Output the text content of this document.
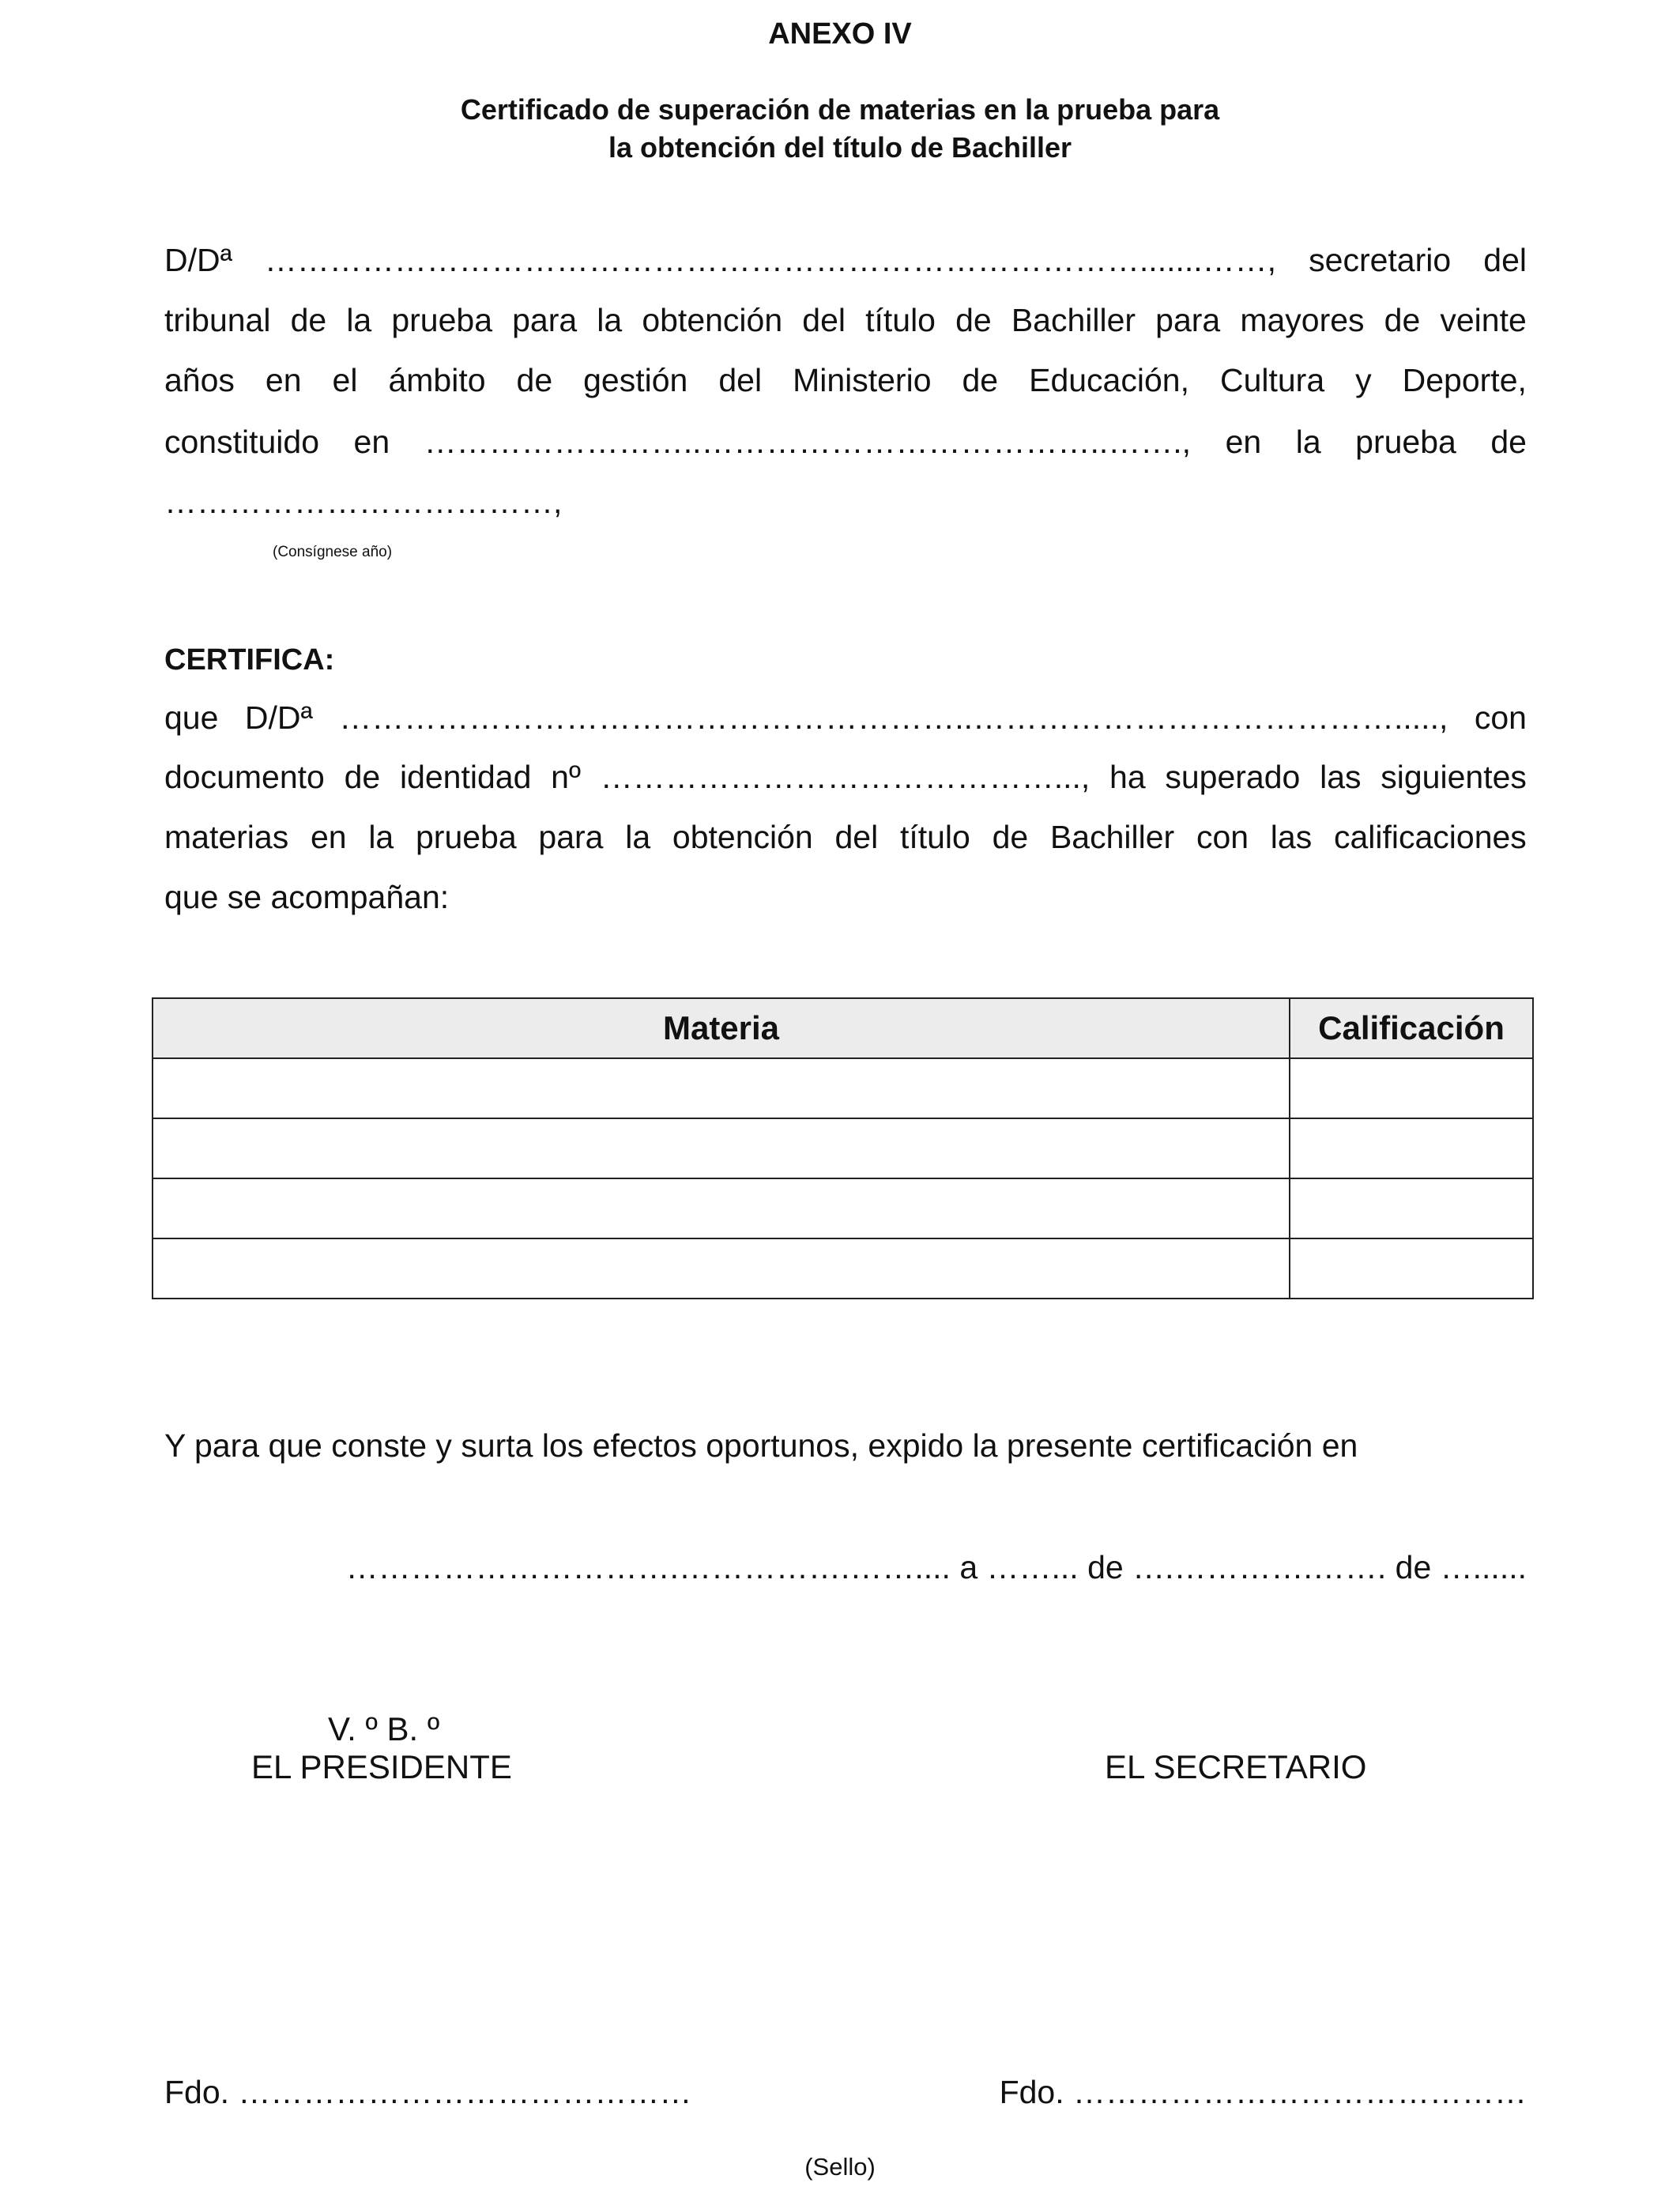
ANEXO IV
Certificado de superación de materias en la prueba para
la obtención del título de Bachiller
D/Dª ……………………………………………………………………….......……, secretario del
tribunal de la prueba para la obtención del título de Bachiller para mayores de veinte
años en el ámbito de gestión del Ministerio de Educación, Cultura y Deporte,
constituido en ……………………..………………………………..……., en la prueba de
………………………………,
(Consígnese año)
CERTIFICA:
que D/Dª …………………………………………………..…………………………………....., con
documento de identidad nº ……………………………………..., ha superado las siguientes
materias en la prueba para la obtención del título de Bachiller con las calificaciones
que se acompañan:
Materia	Calificación

Y para que conste y surta los efectos oportunos, expido la presente certificación en
………………………….…………….…….... a ……... de ….………….……. de …......
V. º B. º
EL PRESIDENTE	EL SECRETARIO
Fdo. ……………………………………	Fdo. ……………………………………
(Sello)
